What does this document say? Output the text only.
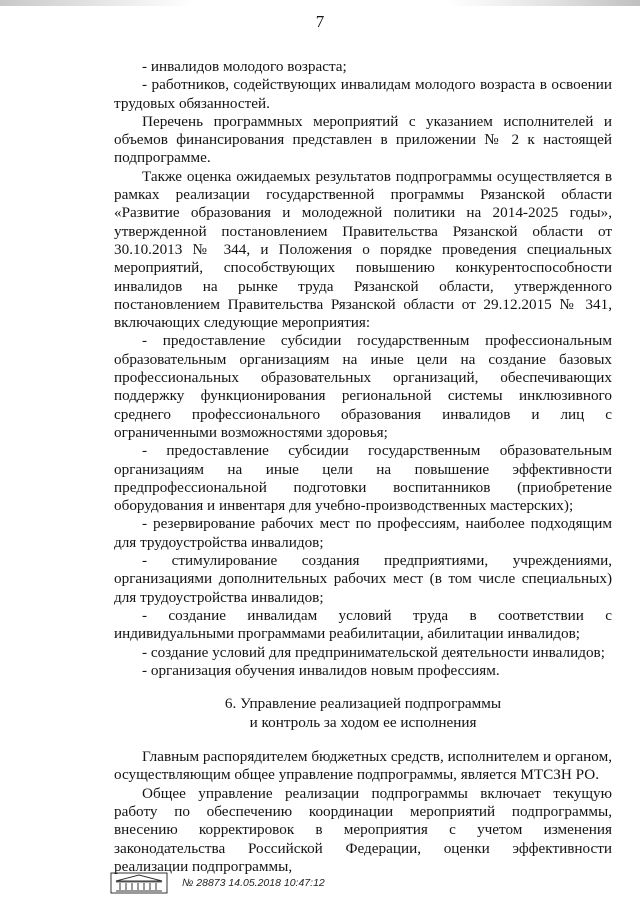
7

- инвалидов молодого возраста;

- работников, содействующих инвалидам молодого возраста в освоении трудовых обязанностей.

Перечень программных мероприятий с указанием исполнителей и объемов финансирования представлен в приложении № 2 к настоящей подпрограмме.

Также оценка ожидаемых результатов подпрограммы осуществляется в рамках реализации государственной программы Рязанской области «Развитие образования и молодежной политики на 2014-2025 годы», утвержденной постановлением Правительства Рязанской области от 30.10.2013 № 344, и Положения о порядке проведения специальных мероприятий, способствующих повышению конкурентоспособности инвалидов на рынке труда Рязанской области, утвержденного постановлением Правительства Рязанской области от 29.12.2015 № 341, включающих следующие мероприятия:

- предоставление субсидии государственным профессиональным образовательным организациям на иные цели на создание базовых профессиональных образовательных организаций, обеспечивающих поддержку функционирования региональной системы инклюзивного среднего профессионального образования инвалидов и лиц с ограниченными возможностями здоровья;

- предоставление субсидии государственным образовательным организациям на иные цели на повышение эффективности предпрофессиональной подготовки воспитанников (приобретение оборудования и инвентаря для учебно-производственных мастерских);

- резервирование рабочих мест по профессиям, наиболее подходящим для трудоустройства инвалидов;

- стимулирование создания предприятиями, учреждениями, организациями дополнительных рабочих мест (в том числе специальных) для трудоустройства инвалидов;

- создание инвалидам условий труда в соответствии с индивидуальными программами реабилитации, абилитации инвалидов;

- создание условий для предпринимательской деятельности инвалидов;

- организация обучения инвалидов новым профессиям.

6. Управление реализацией подпрограммы
и контроль за ходом ее исполнения

Главным распорядителем бюджетных средств, исполнителем и органом, осуществляющим общее управление подпрограммы, является МТСЗН РО.

Общее управление реализации подпрограммы включает текущую работу по обеспечению координации мероприятий подпрограммы, внесению корректировок в мероприятия с учетом изменения законодательства Российской Федерации, оценки эффективности реализации подпрограммы,

№ 28873 14.05.2018 10:47:12
